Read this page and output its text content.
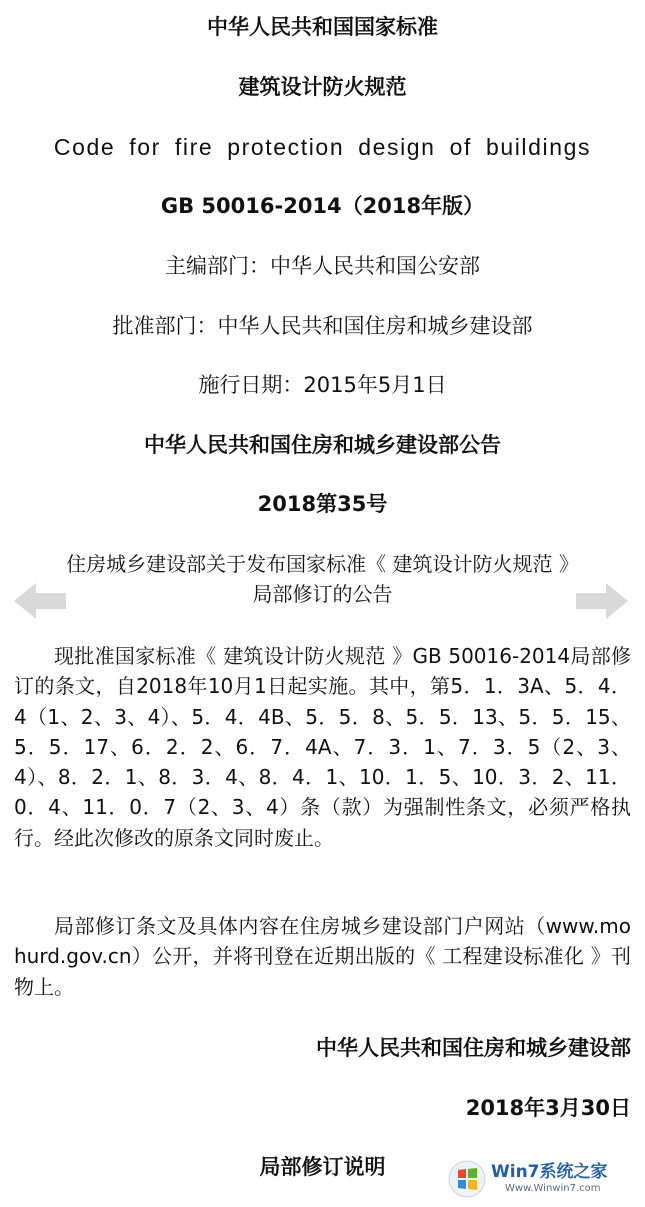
中华人民共和国国家标准
建筑设计防火规范
Code for fire protection design of buildings
GB 50016-2014（2018年版）
主编部门：中华人民共和国公安部
批准部门：中华人民共和国住房和城乡建设部
施行日期：2015年5月1日
中华人民共和国住房和城乡建设部公告
2018第35号
住房城乡建设部关于发布国家标准《 建筑设计防火规范 》
局部修订的公告
现批准国家标准《 建筑设计防火规范 》GB 50016-2014局部修订的条文，自2018年10月1日起实施。其中，第5．1．3A、5．4．4（1、2、3、4）、5．4．4B、5．5．8、5．5．13、5．5．15、5．5．17、6．2．2、6．7．4A、7．3．1、7．3．5（2、3、4）、8．2．1、8．3．4、8．4．1、10．1．5、10．3．2、11．0．4、11．0．7（2、3、4）条（款）为强制性条文，必须严格执行。经此次修改的原条文同时废止。
局部修订条文及具体内容在住房城乡建设部门户网站（www.mohurd.gov.cn）公开，并将刊登在近期出版的《 工程建设标准化 》刊物上。
中华人民共和国住房和城乡建设部
2018年3月30日
局部修订说明	Win7系统之家
Www.Winwin7.com
